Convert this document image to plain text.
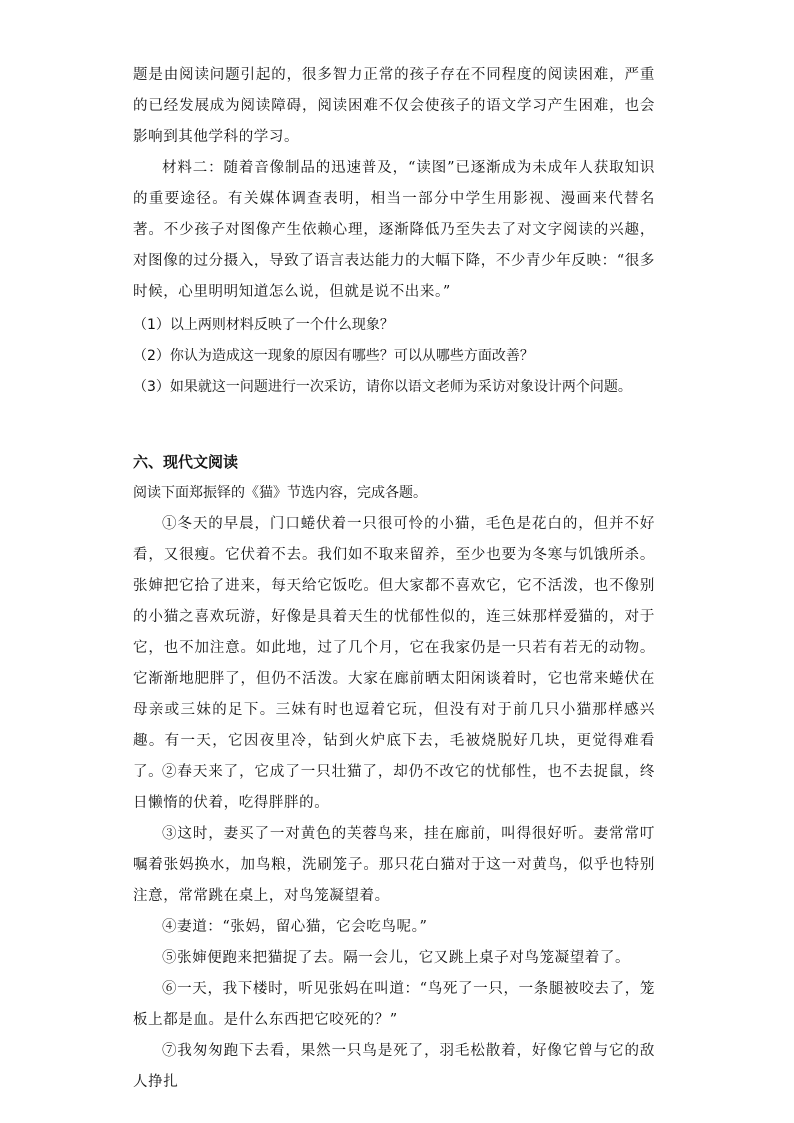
题是由阅读问题引起的，很多智力正常的孩子存在不同程度的阅读困难，严重的已经发展成为阅读障碍，阅读困难不仅会使孩子的语文学习产生困难，也会影响到其他学科的学习。

材料二：随着音像制品的迅速普及，“读图”已逐渐成为未成年人获取知识的重要途径。有关媒体调查表明，相当一部分中学生用影视、漫画来代替名著。不少孩子对图像产生依赖心理，逐渐降低乃至失去了对文字阅读的兴趣，对图像的过分摄入，导致了语言表达能力的大幅下降，不少青少年反映：“很多时候，心里明明知道怎么说，但就是说不出来。”

（1）以上两则材料反映了一个什么现象？

（2）你认为造成这一现象的原因有哪些？可以从哪些方面改善？

（3）如果就这一问题进行一次采访，请你以语文老师为采访对象设计两个问题。

六、现代文阅读

阅读下面郑振铎的《猫》节选内容，完成各题。

①冬天的早晨，门口蜷伏着一只很可怜的小猫，毛色是花白的，但并不好看，又很瘦。它伏着不去。我们如不取来留养，至少也要为冬寒与饥饿所杀。张婶把它拾了进来，每天给它饭吃。但大家都不喜欢它，它不活泼，也不像别的小猫之喜欢玩游，好像是具着天生的忧郁性似的，连三妹那样爱猫的，对于它，也不加注意。如此地，过了几个月，它在我家仍是一只若有若无的动物。它渐渐地肥胖了，但仍不活泼。大家在廊前晒太阳闲谈着时，它也常来蜷伏在母亲或三妹的足下。三妹有时也逗着它玩，但没有对于前几只小猫那样感兴趣。有一天，它因夜里冷，钻到火炉底下去，毛被烧脱好几块，更觉得难看了。

②春天来了，它成了一只壮猫了，却仍不改它的忧郁性，也不去捉鼠，终日懒惰的伏着，吃得胖胖的。

③这时，妻买了一对黄色的芙蓉鸟来，挂在廊前，叫得很好听。妻常常叮嘱着张妈换水，加鸟粮，洗刷笼子。那只花白猫对于这一对黄鸟，似乎也特别注意，常常跳在桌上，对鸟笼凝望着。

④妻道：“张妈，留心猫，它会吃鸟呢。”

⑤张婶便跑来把猫捉了去。隔一会儿，它又跳上桌子对鸟笼凝望着了。

⑥一天，我下楼时，听见张妈在叫道：“鸟死了一只，一条腿被咬去了，笼板上都是血。是什么东西把它咬死的？”

⑦我匆匆跑下去看，果然一只鸟是死了，羽毛松散着，好像它曾与它的敌人挣扎
